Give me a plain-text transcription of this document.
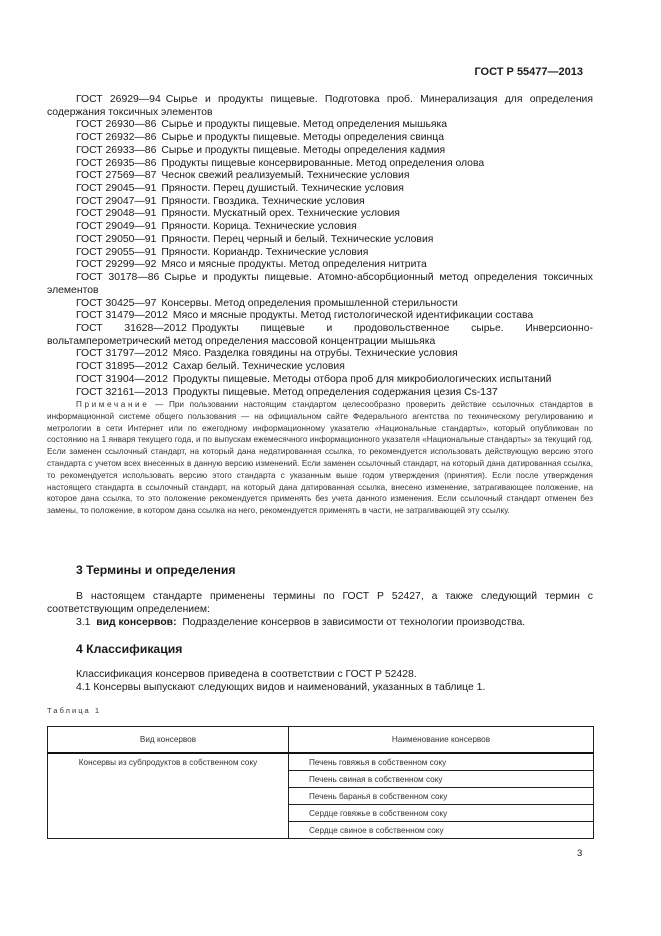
ГОСТ Р 55477—2013

ГОСТ 26929—94 Сырье и продукты пищевые. Подготовка проб. Минерализация для определения содержания токсичных элементов

ГОСТ 26930—86 Сырье и продукты пищевые. Метод определения мышьяка

ГОСТ 26932—86 Сырье и продукты пищевые. Методы определения свинца

ГОСТ 26933—86 Сырье и продукты пищевые. Методы определения кадмия

ГОСТ 26935—86 Продукты пищевые консервированные. Метод определения олова

ГОСТ 27569—87 Чеснок свежий реализуемый. Технические условия

ГОСТ 29045—91 Пряности. Перец душистый. Технические условия

ГОСТ 29047—91 Пряности. Гвоздика. Технические условия

ГОСТ 29048—91 Пряности. Мускатный орех. Технические условия

ГОСТ 29049—91 Пряности. Корица. Технические условия

ГОСТ 29050—91 Пряности. Перец черный и белый. Технические условия

ГОСТ 29055—91 Пряности. Кориандр. Технические условия

ГОСТ 29299—92 Мясо и мясные продукты. Метод определения нитрита

ГОСТ 30178—86 Сырье и продукты пищевые. Атомно-абсорбционный метод определения токсичных элементов

ГОСТ 30425—97 Консервы. Метод определения промышленной стерильности

ГОСТ 31479—2012 Мясо и мясные продукты. Метод гистологической идентификации состава

ГОСТ 31628—2012 Продукты пищевые и продовольственное сырье. Инверсионно-вольтамперометрический метод определения массовой концентрации мышьяка

ГОСТ 31797—2012 Мясо. Разделка говядины на отрубы. Технические условия

ГОСТ 31895—2012 Сахар белый. Технические условия

ГОСТ 31904—2012 Продукты пищевые. Методы отбора проб для микробиологических испытаний

ГОСТ 32161—2013 Продукты пищевые. Метод определения содержания цезия Cs-137

Примечание — При пользовании настоящим стандартом целесообразно проверить действие ссылочных стандартов в информационной системе общего пользования — на официальном сайте Федерального агентства по техническому регулированию и метрологии в сети Интернет или по ежегодному информационному указателю «Национальные стандарты», который опубликован по состоянию на 1 января текущего года, и по выпускам ежемесячного информационного указателя «Национальные стандарты» за текущий год. Если заменен ссылочный стандарт, на который дана недатированная ссылка, то рекомендуется использовать действующую версию этого стандарта с учетом всех внесенных в данную версию изменений. Если заменен ссылочный стандарт, на который дана датированная ссылка, то рекомендуется использовать версию этого стандарта с указанным выше годом утверждения (принятия). Если после утверждения настоящего стандарта в ссылочный стандарт, на который дана датированная ссылка, внесено изменение, затрагивающее положение, на которое дана ссылка, то это положение рекомендуется применять без учета данного изменения. Если ссылочный стандарт отменен без замены, то положение, в котором дана ссылка на него, рекомендуется применять в части, не затрагивающей эту ссылку.
3 Термины и определения
В настоящем стандарте применены термины по ГОСТ Р 52427, а также следующий термин с соответствующим определением:
3.1 вид консервов: Подразделение консервов в зависимости от технологии производства.
4 Классификация
Классификация консервов приведена в соответствии с ГОСТ Р 52428.
4.1 Консервы выпускают следующих видов и наименований, указанных в таблице 1.
Таблица 1
Вид консервов	Наименование консервов
Консервы из субпродуктов в собственном соку	Печень говяжья в собственном соку
	Печень свиная в собственном соку
	Печень баранья в собственном соку
	Сердце говяжье в собственном соку
	Сердце свиное в собственном соку
3
